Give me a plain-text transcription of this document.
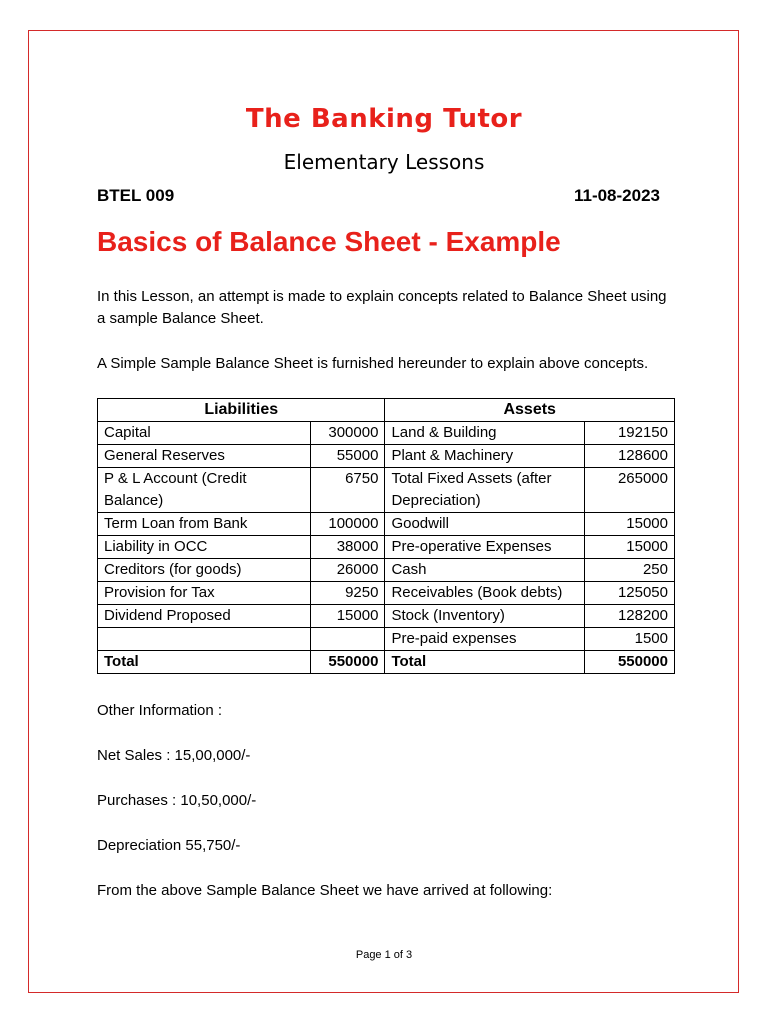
The Banking Tutor
Elementary Lessons
BTEL 009	11-08-2023
Basics of Balance Sheet - Example
In this Lesson, an attempt is made to explain concepts related to Balance Sheet using a sample Balance Sheet.
A Simple Sample Balance Sheet is furnished hereunder to explain above concepts.
Liabilities		Assets	
Capital	300000	Land & Building	192150
General Reserves	55000	Plant & Machinery	128600
P & L Account (Credit Balance)	6750	Total Fixed Assets (after Depreciation)	265000
Term Loan from Bank	100000	Goodwill	15000
Liability in OCC	38000	Pre-operative Expenses	15000
Creditors (for goods)	26000	Cash	250
Provision for Tax	9250	Receivables (Book debts)	125050
Dividend Proposed	15000	Stock (Inventory)	128200
		Pre-paid expenses	1500
Total	550000	Total	550000
Other Information :
Net Sales : 15,00,000/-
Purchases : 10,50,000/-
Depreciation 55,750/-
From the above Sample Balance Sheet we have arrived at following:
Page 1 of 3
